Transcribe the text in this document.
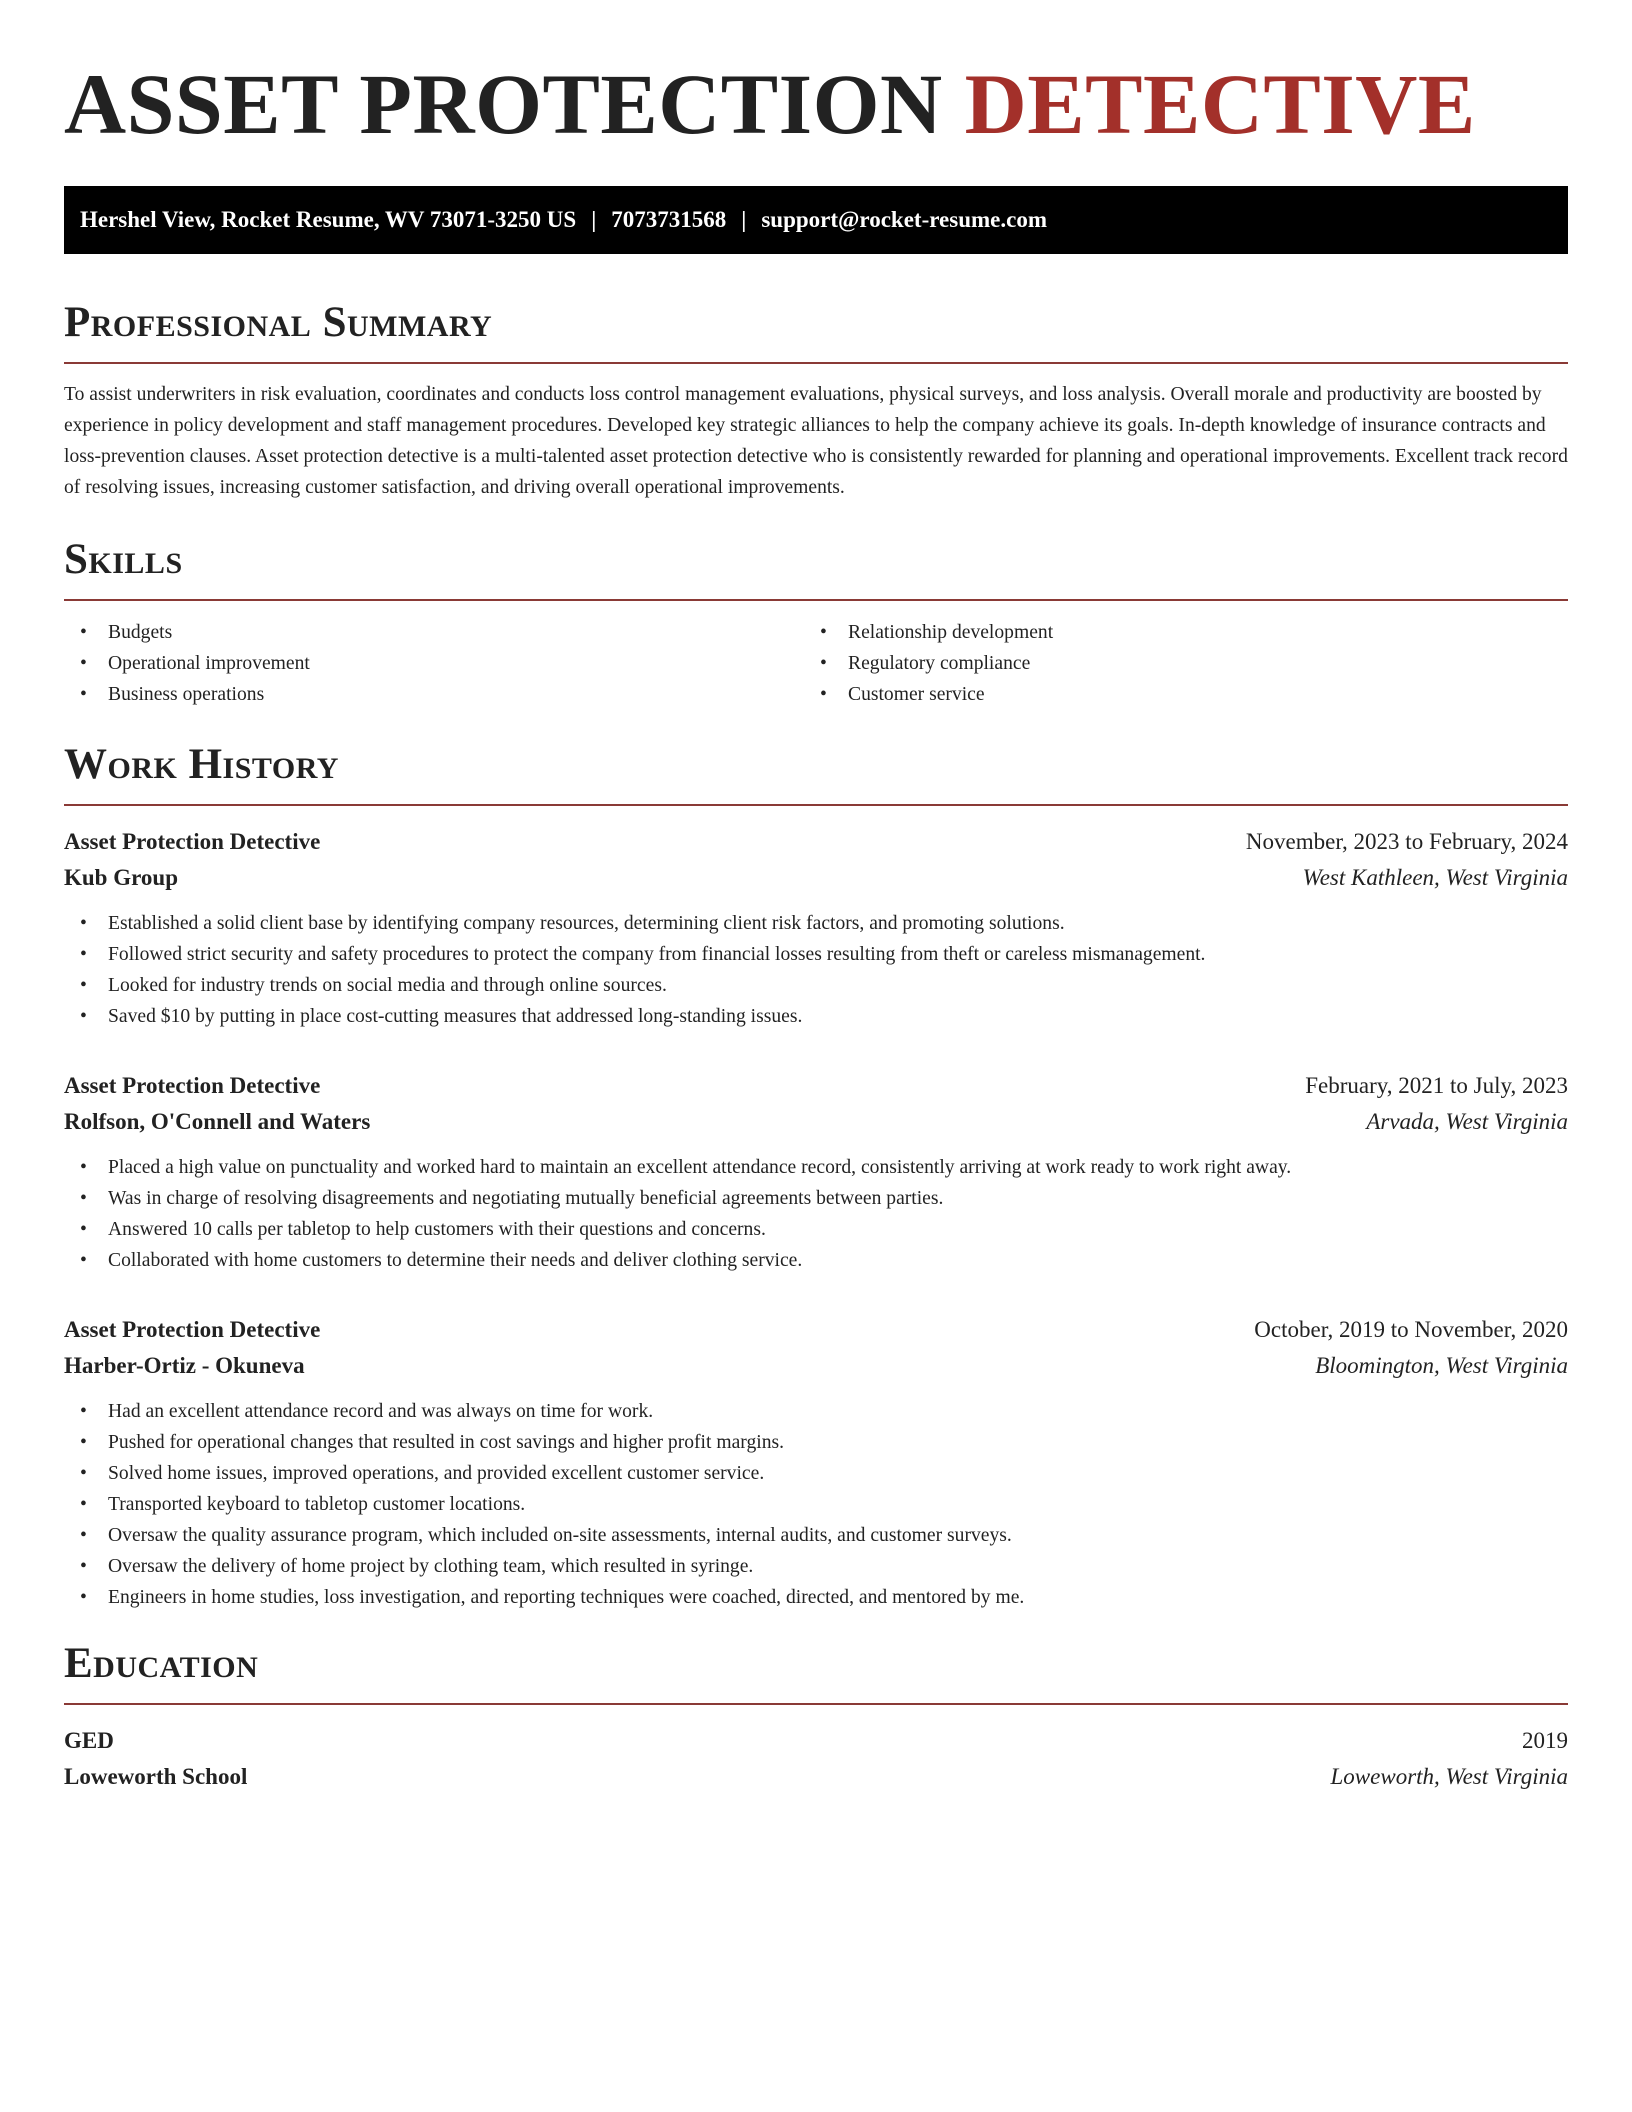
ASSET PROTECTION DETECTIVE
Hershel View, Rocket Resume, WV 73071-3250 US | 7073731568 | support@rocket-resume.com
Professional Summary
To assist underwriters in risk evaluation, coordinates and conducts loss control management evaluations, physical surveys, and loss analysis. Overall morale and productivity are boosted by experience in policy development and staff management procedures. Developed key strategic alliances to help the company achieve its goals. In-depth knowledge of insurance contracts and loss-prevention clauses. Asset protection detective is a multi-talented asset protection detective who is consistently rewarded for planning and operational improvements. Excellent track record of resolving issues, increasing customer satisfaction, and driving overall operational improvements.
Skills
• Budgets
• Operational improvement
• Business operations
• Relationship development
• Regulatory compliance
• Customer service
Work History
Asset Protection Detective	November, 2023 to February, 2024
Kub Group	West Kathleen, West Virginia
• Established a solid client base by identifying company resources, determining client risk factors, and promoting solutions.
• Followed strict security and safety procedures to protect the company from financial losses resulting from theft or careless mismanagement.
• Looked for industry trends on social media and through online sources.
• Saved $10 by putting in place cost-cutting measures that addressed long-standing issues.
Asset Protection Detective	February, 2021 to July, 2023
Rolfson, O'Connell and Waters	Arvada, West Virginia
• Placed a high value on punctuality and worked hard to maintain an excellent attendance record, consistently arriving at work ready to work right away.
• Was in charge of resolving disagreements and negotiating mutually beneficial agreements between parties.
• Answered 10 calls per tabletop to help customers with their questions and concerns.
• Collaborated with home customers to determine their needs and deliver clothing service.
Asset Protection Detective	October, 2019 to November, 2020
Harber-Ortiz - Okuneva	Bloomington, West Virginia
• Had an excellent attendance record and was always on time for work.
• Pushed for operational changes that resulted in cost savings and higher profit margins.
• Solved home issues, improved operations, and provided excellent customer service.
• Transported keyboard to tabletop customer locations.
• Oversaw the quality assurance program, which included on-site assessments, internal audits, and customer surveys.
• Oversaw the delivery of home project by clothing team, which resulted in syringe.
• Engineers in home studies, loss investigation, and reporting techniques were coached, directed, and mentored by me.
Education
GED	2019
Loweworth School	Loweworth, West Virginia
